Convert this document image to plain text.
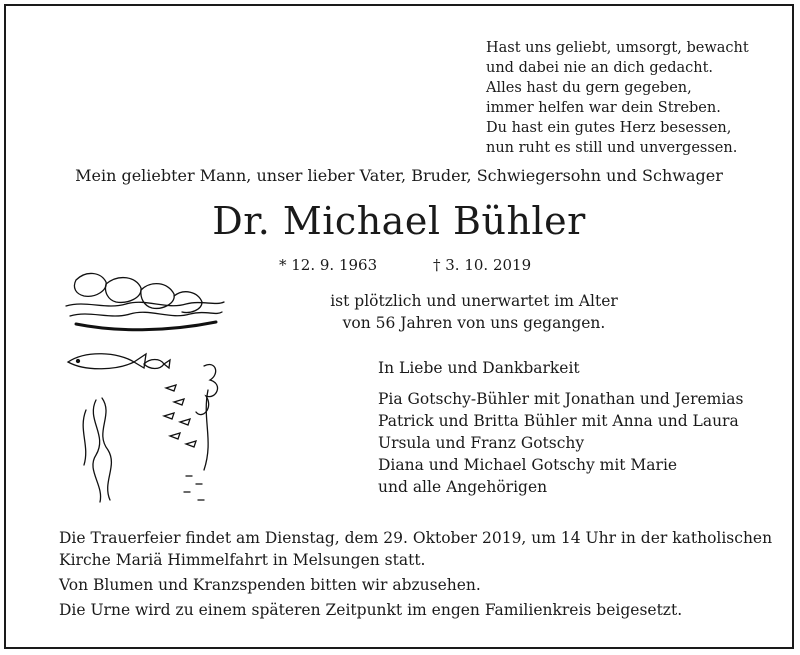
Hast uns geliebt, umsorgt, bewacht
und dabei nie an dich gedacht.
Alles hast du gern gegeben,
immer helfen war dein Streben.
Du hast ein gutes Herz besessen,
nun ruht es still und unvergessen.
Mein geliebter Mann, unser lieber Vater, Bruder, Schwiegersohn und Schwager
Dr. Michael Bühler
* 12. 9. 1963	† 3. 10. 2019
ist plötzlich und unerwartet im Alter
von 56 Jahren von uns gegangen.
In Liebe und Dankbarkeit
Pia Gotschy-Bühler mit Jonathan und Jeremias
Patrick und Britta Bühler mit Anna und Laura
Ursula und Franz Gotschy
Diana und Michael Gotschy mit Marie
und alle Angehörigen

Die Trauerfeier findet am Dienstag, dem 29. Oktober 2019, um 14 Uhr in der katholischen Kirche Mariä Himmelfahrt in Melsungen statt.

Von Blumen und Kranzspenden bitten wir abzusehen.

Die Urne wird zu einem späteren Zeitpunkt im engen Familienkreis beigesetzt.
